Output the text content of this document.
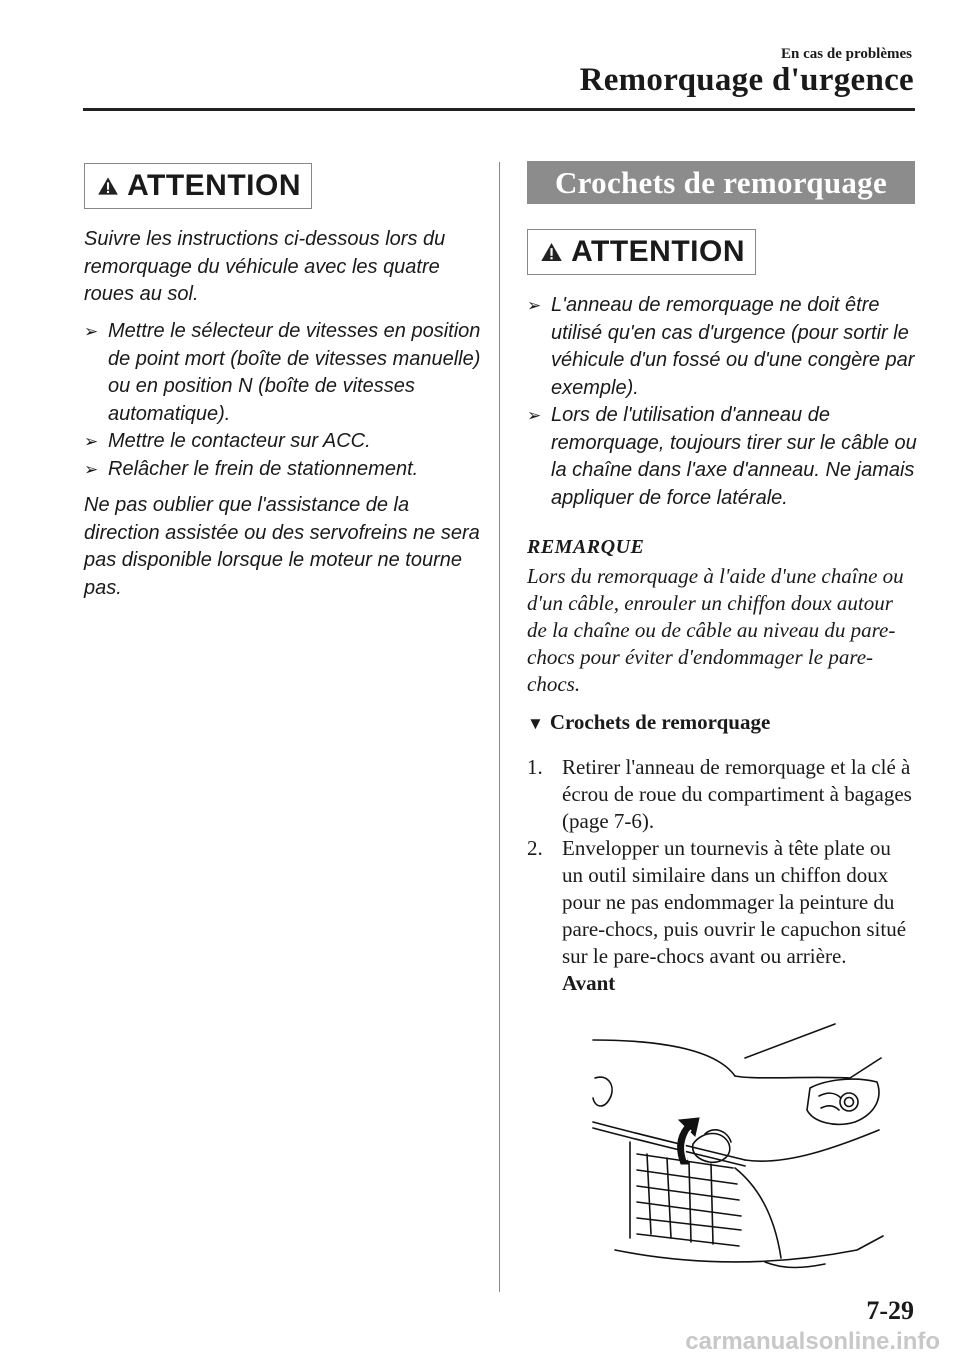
En cas de problèmes
Remorquage d'urgence
ATTENTION
Suivre les instructions ci-dessous lors du remorquage du véhicule avec les quatre roues au sol.
➢ Mettre le sélecteur de vitesses en position de point mort (boîte de vitesses manuelle) ou en position N (boîte de vitesses automatique).
➢ Mettre le contacteur sur ACC.
➢ Relâcher le frein de stationnement.
Ne pas oublier que l'assistance de la direction assistée ou des servofreins ne sera pas disponible lorsque le moteur ne tourne pas.
Crochets de remorquage
ATTENTION
➢ L'anneau de remorquage ne doit être utilisé qu'en cas d'urgence (pour sortir le véhicule d'un fossé ou d'une congère par exemple).
➢ Lors de l'utilisation d'anneau de remorquage, toujours tirer sur le câble ou la chaîne dans l'axe d'anneau. Ne jamais appliquer de force latérale.
REMARQUE
Lors du remorquage à l'aide d'une chaîne ou d'un câble, enrouler un chiffon doux autour de la chaîne ou de câble au niveau du pare-chocs pour éviter d'endommager le pare-chocs.
▼ Crochets de remorquage
1. Retirer l'anneau de remorquage et la clé à écrou de roue du compartiment à bagages (page 7-6).
2. Envelopper un tournevis à tête plate ou un outil similaire dans un chiffon doux pour ne pas endommager la peinture du pare-chocs, puis ouvrir le capuchon situé sur le pare-chocs avant ou arrière.
Avant
7-29
carmanualsonline.info
